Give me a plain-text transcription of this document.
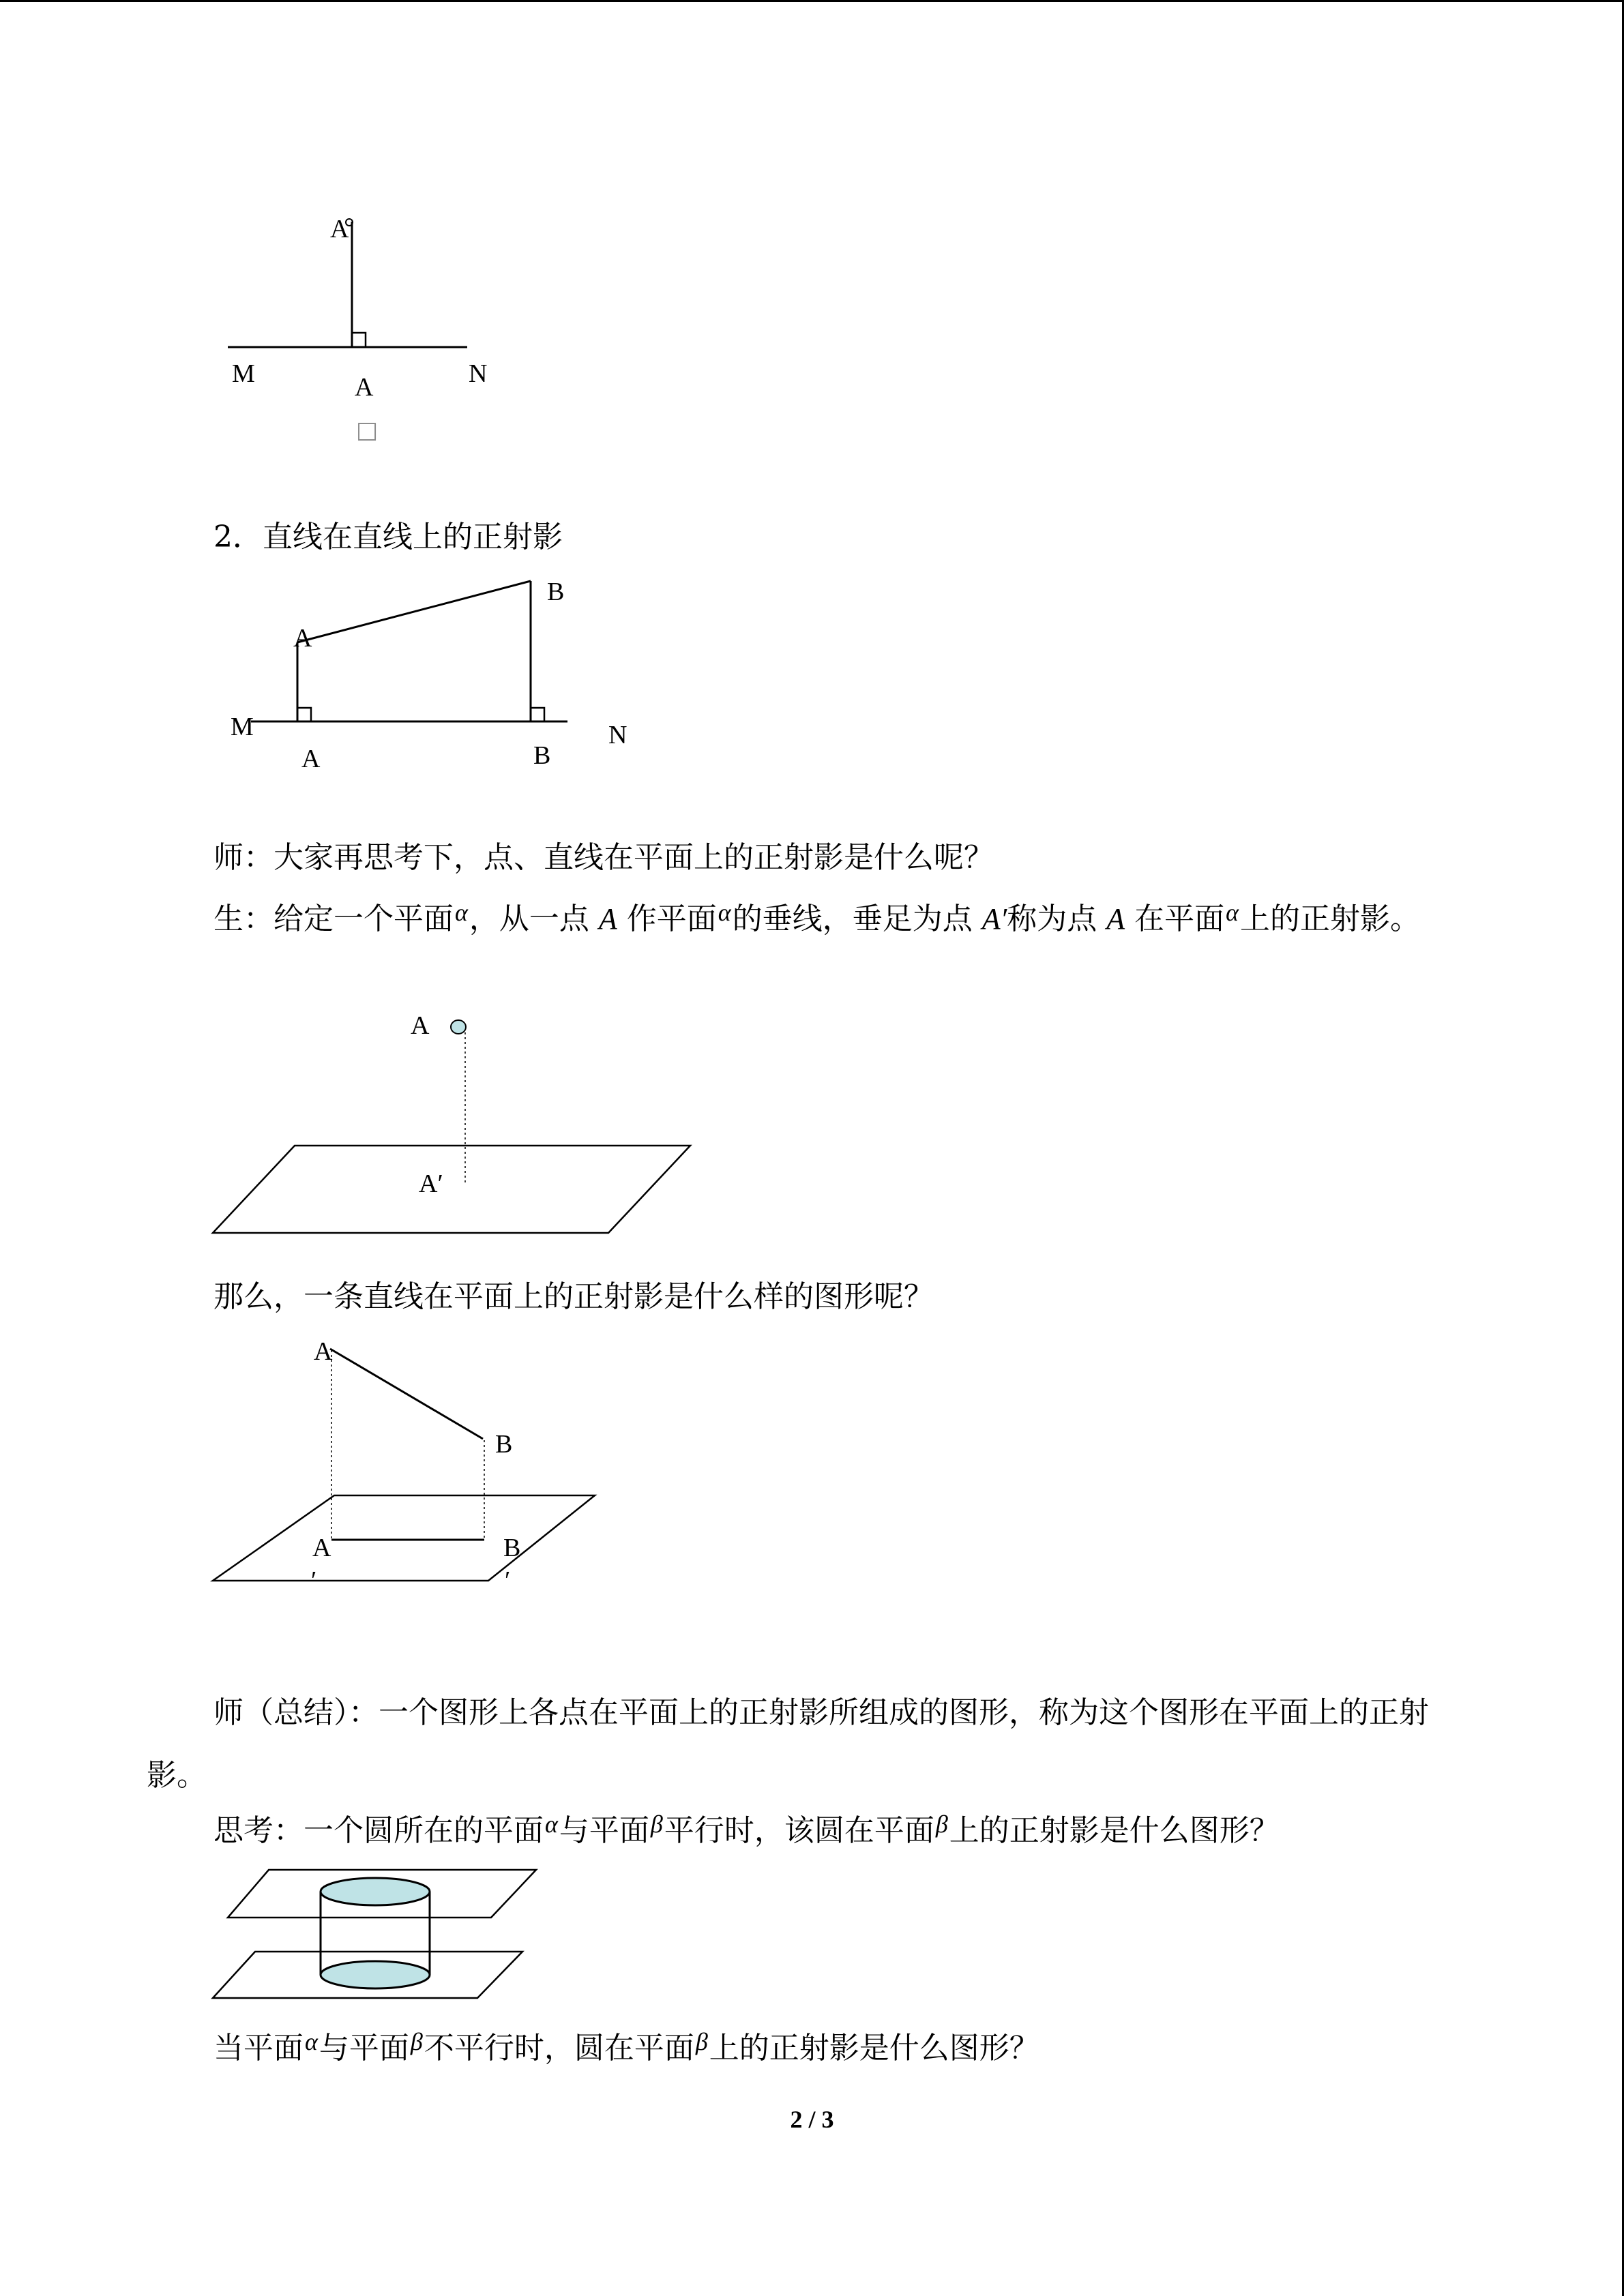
A
M	A	N
□
2．直线在直线上的正射影
B
A
M
A	B
N
师：大家再思考下，点、直线在平面上的正射影是什么呢？
生：给定一个平面$^\alpha$，从一点 A 作平面$^\alpha$的垂线，垂足为点 A′称为点 A 在平面$^\alpha$上的正射影。
A
A′
那么，一条直线在平面上的正射影是什么样的图形呢？
A
B
A	B
′	′
师（总结）：一个图形上各点在平面上的正射影所组成的图形，称为这个图形在平面上的正射影。
思考：一个圆所在的平面$^\alpha$与平面$^\beta$平行时，该圆在平面$^\beta$上的正射影是什么图形？
当平面$^\alpha$与平面$^\beta$不平行时，圆在平面$^\beta$上的正射影是什么图形？
2 / 3
